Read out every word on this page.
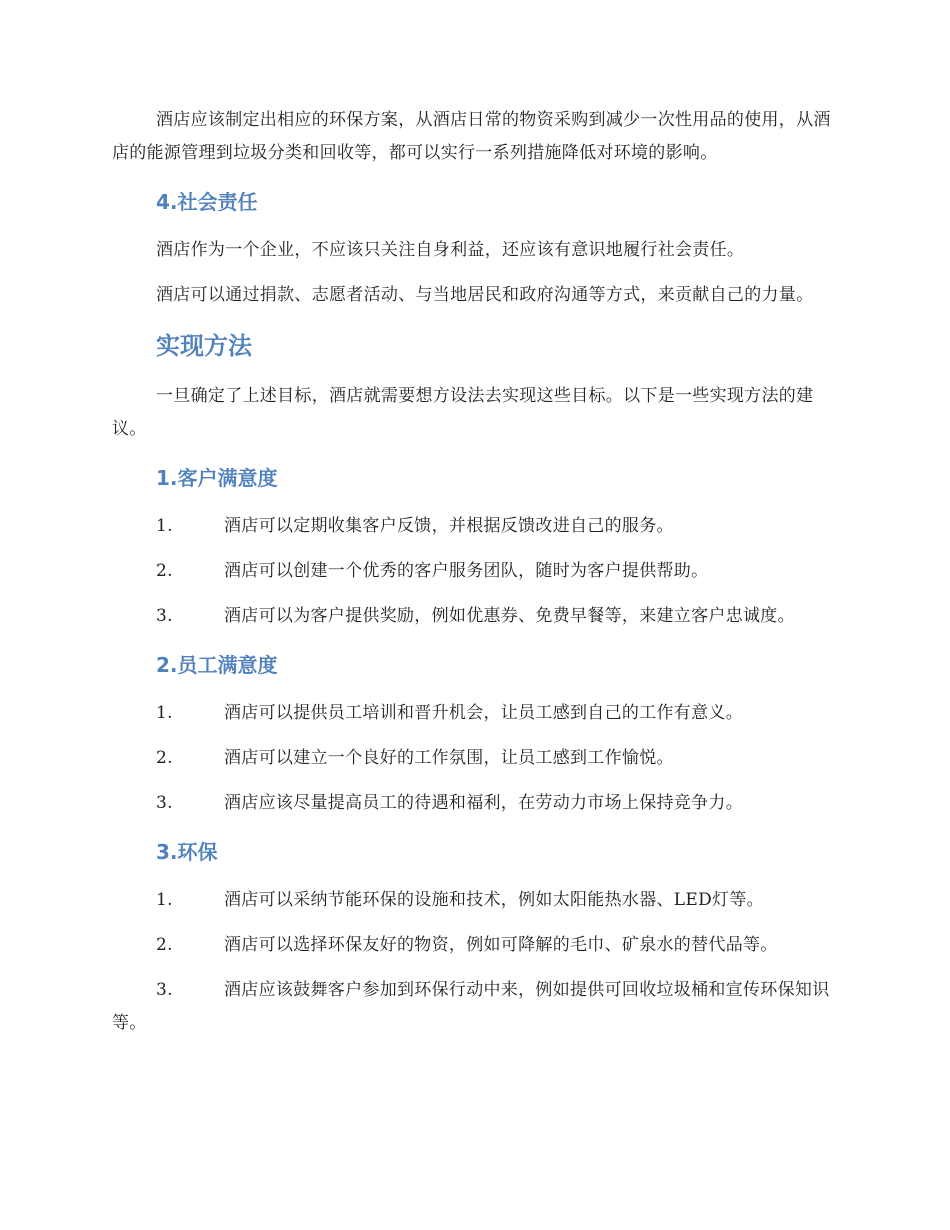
酒店应该制定出相应的环保方案，从酒店日常的物资采购到减少一次性用品的使用，从酒店的能源管理到垃圾分类和回收等，都可以实行一系列措施降低对环境的影响。

4.社会责任

酒店作为一个企业，不应该只关注自身利益，还应该有意识地履行社会责任。

酒店可以通过捐款、志愿者活动、与当地居民和政府沟通等方式，来贡献自己的力量。

实现方法

一旦确定了上述目标，酒店就需要想方设法去实现这些目标。以下是一些实现方法的建议。

1.客户满意度
1.	酒店可以定期收集客户反馈，并根据反馈改进自己的服务。
2.	酒店可以创建一个优秀的客户服务团队，随时为客户提供帮助。
3.	酒店可以为客户提供奖励，例如优惠券、免费早餐等，来建立客户忠诚度。
2.员工满意度
1.	酒店可以提供员工培训和晋升机会，让员工感到自己的工作有意义。
2.	酒店可以建立一个良好的工作氛围，让员工感到工作愉悦。
3.	酒店应该尽量提高员工的待遇和福利，在劳动力市场上保持竞争力。
3.环保
1.	酒店可以采纳节能环保的设施和技术，例如太阳能热水器、LED灯等。
2.	酒店可以选择环保友好的物资，例如可降解的毛巾、矿泉水的替代品等。
3.	酒店应该鼓舞客户参加到环保行动中来，例如提供可回收垃圾桶和宣传环保知识等。
